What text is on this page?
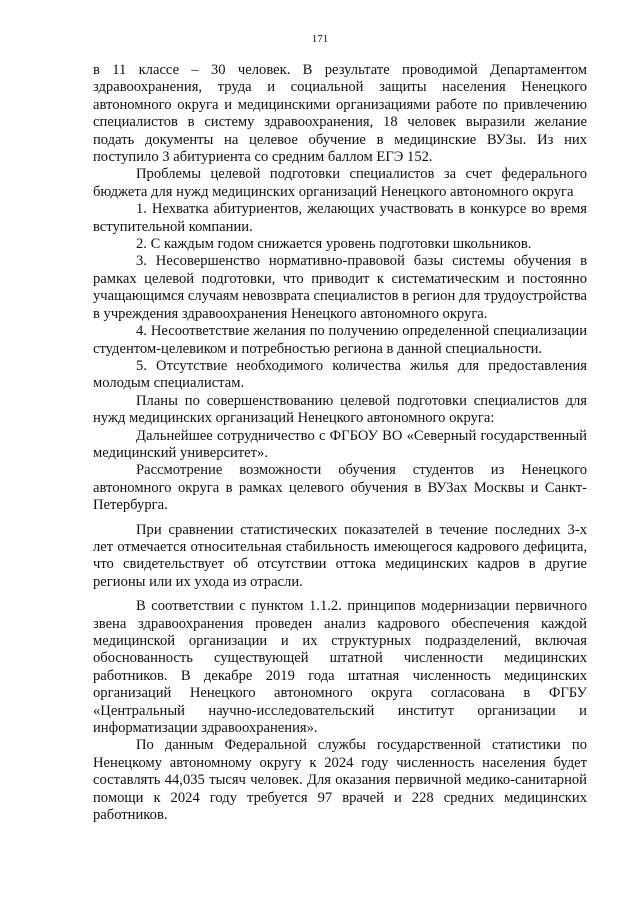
171

в 11 классе – 30 человек. В результате проводимой Департаментом здравоохранения, труда и социальной защиты населения Ненецкого автономного округа и медицинскими организациями работе по привлечению специалистов в систему здравоохранения, 18 человек выразили желание подать документы на целевое обучение в медицинские ВУЗы. Из них поступило 3 абитуриента со средним баллом ЕГЭ 152.

Проблемы целевой подготовки специалистов за счет федерального бюджета для нужд медицинских организаций Ненецкого автономного округа

1. Нехватка абитуриентов, желающих участвовать в конкурсе во время вступительной компании.

2. С каждым годом снижается уровень подготовки школьников.

3. Несовершенство нормативно-правовой базы системы обучения в рамках целевой подготовки, что приводит к систематическим и постоянно учащающимся случаям невозврата специалистов в регион для трудоустройства в учреждения здравоохранения Ненецкого автономного округа.

4. Несоответствие желания по получению определенной специализации студентом-целевиком и потребностью региона в данной специальности.

5. Отсутствие необходимого количества жилья для предоставления молодым специалистам.

Планы по совершенствованию целевой подготовки специалистов для нужд медицинских организаций Ненецкого автономного округа:

Дальнейшее сотрудничество с ФГБОУ ВО «Северный государственный медицинский университет».

Рассмотрение возможности обучения студентов из Ненецкого автономного округа в рамках целевого обучения в ВУЗах Москвы и Санкт-Петербурга.

При сравнении статистических показателей в течение последних 3-х лет отмечается относительная стабильность имеющегося кадрового дефицита, что свидетельствует об отсутствии оттока медицинских кадров в другие регионы или их ухода из отрасли.

В соответствии с пунктом 1.1.2. принципов модернизации первичного звена здравоохранения проведен анализ кадрового обеспечения каждой медицинской организации и их структурных подразделений, включая обоснованность существующей штатной численности медицинских работников. В декабре 2019 года штатная численность медицинских организаций Ненецкого автономного округа согласована в ФГБУ «Центральный научно-исследовательский институт организации и информатизации здравоохранения».

По данным Федеральной службы государственной статистики по Ненецкому автономному округу к 2024 году численность населения будет составлять 44,035 тысяч человек. Для оказания первичной медико-санитарной помощи к 2024 году требуется 97 врачей и 228 средних медицинских работников.
